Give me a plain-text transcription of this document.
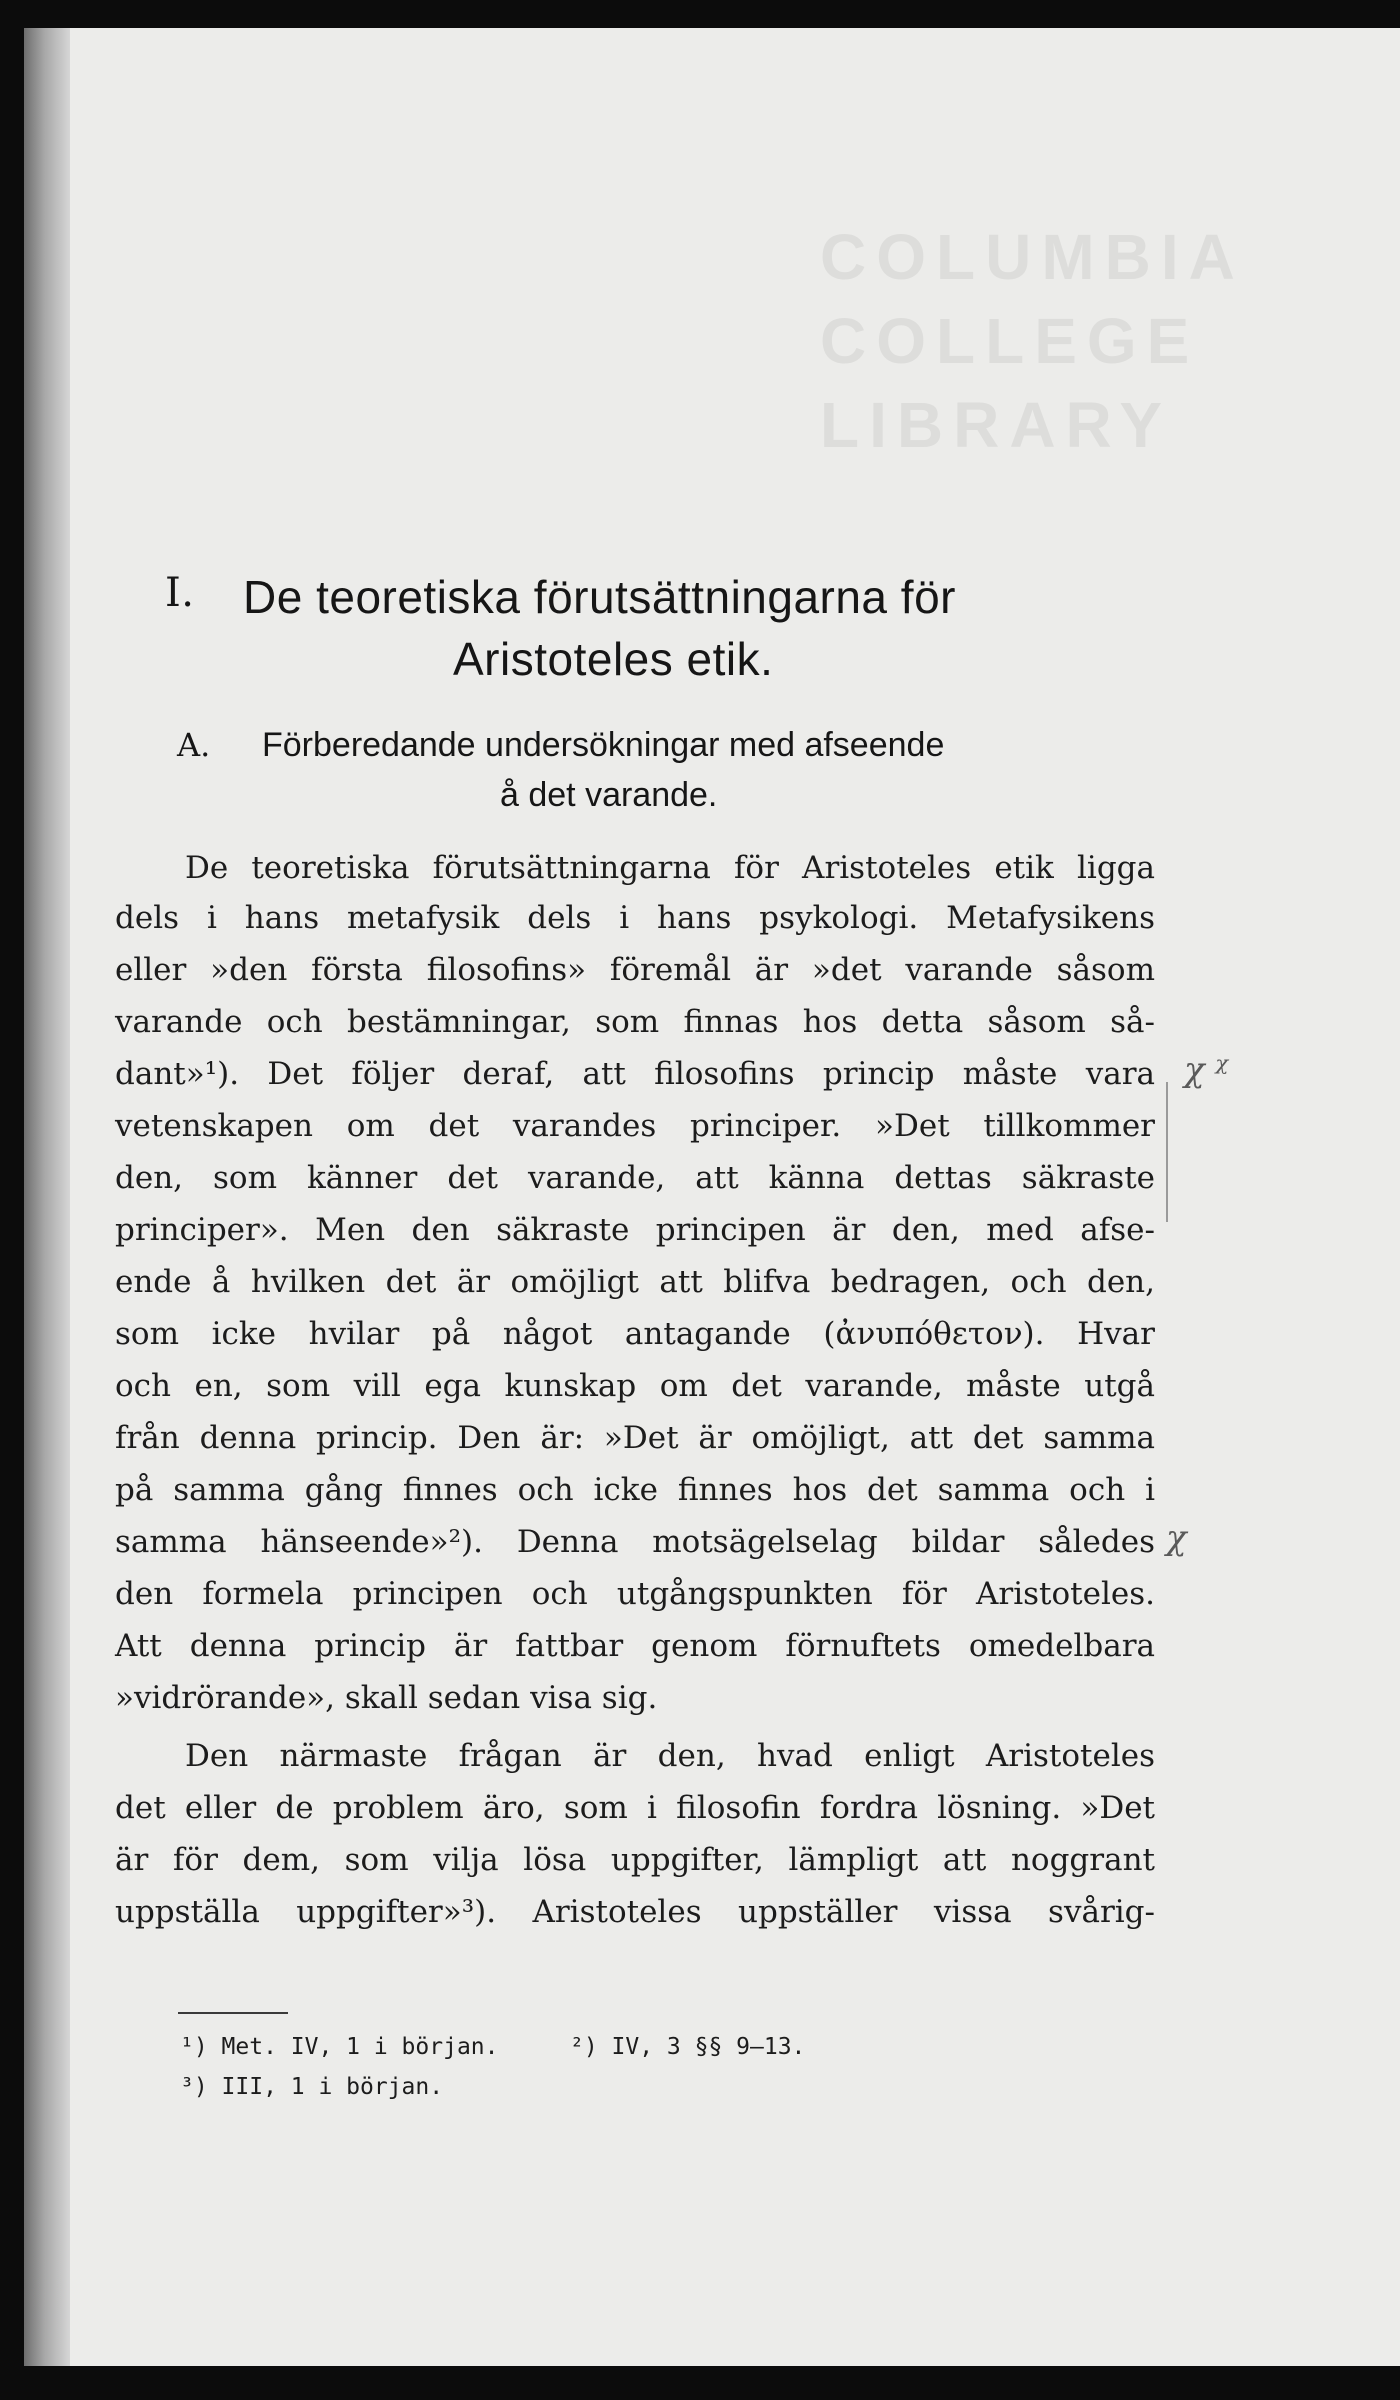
COLUMBIA
COLLEGE
LIBRARY
I. De teoretiska förutsättningarna för
Aristoteles etik.
A. Förberedande undersökningar med afseende
å det varande.
De teoretiska förutsättningarna för Aristoteles etik ligga
dels i hans metafysik dels i hans psykologi. Metafysikens
eller »den första filosofins» föremål är »det varande såsom
varande och bestämningar, som finnas hos detta såsom så-
dant»¹). Det följer deraf, att filosofins princip måste vara
vetenskapen om det varandes principer. »Det tillkommer
den, som känner det varande, att känna dettas säkraste
principer». Men den säkraste principen är den, med afse-
ende å hvilken det är omöjligt att blifva bedragen, och den,
som icke hvilar på något antagande (ἀνυπόθετον). Hvar
och en, som vill ega kunskap om det varande, måste utgå
från denna princip. Den är: »Det är omöjligt, att det samma
på samma gång finnes och icke finnes hos det samma och i
samma hänseende»²). Denna motsägelselag bildar således
den formela principen och utgångspunkten för Aristoteles.
Att denna princip är fattbar genom förnuftets omedelbara
»vidrörande», skall sedan visa sig.
Den närmaste frågan är den, hvad enligt Aristoteles
det eller de problem äro, som i filosofin fordra lösning. »Det
är för dem, som vilja lösa uppgifter, lämpligt att noggrant
uppställa uppgifter»³). Aristoteles uppställer vissa svårig-
χ ᵡ
χ
¹) Met. IV, 1 i början.	²) IV, 3 §§ 9–13.
³) III, 1 i början.
